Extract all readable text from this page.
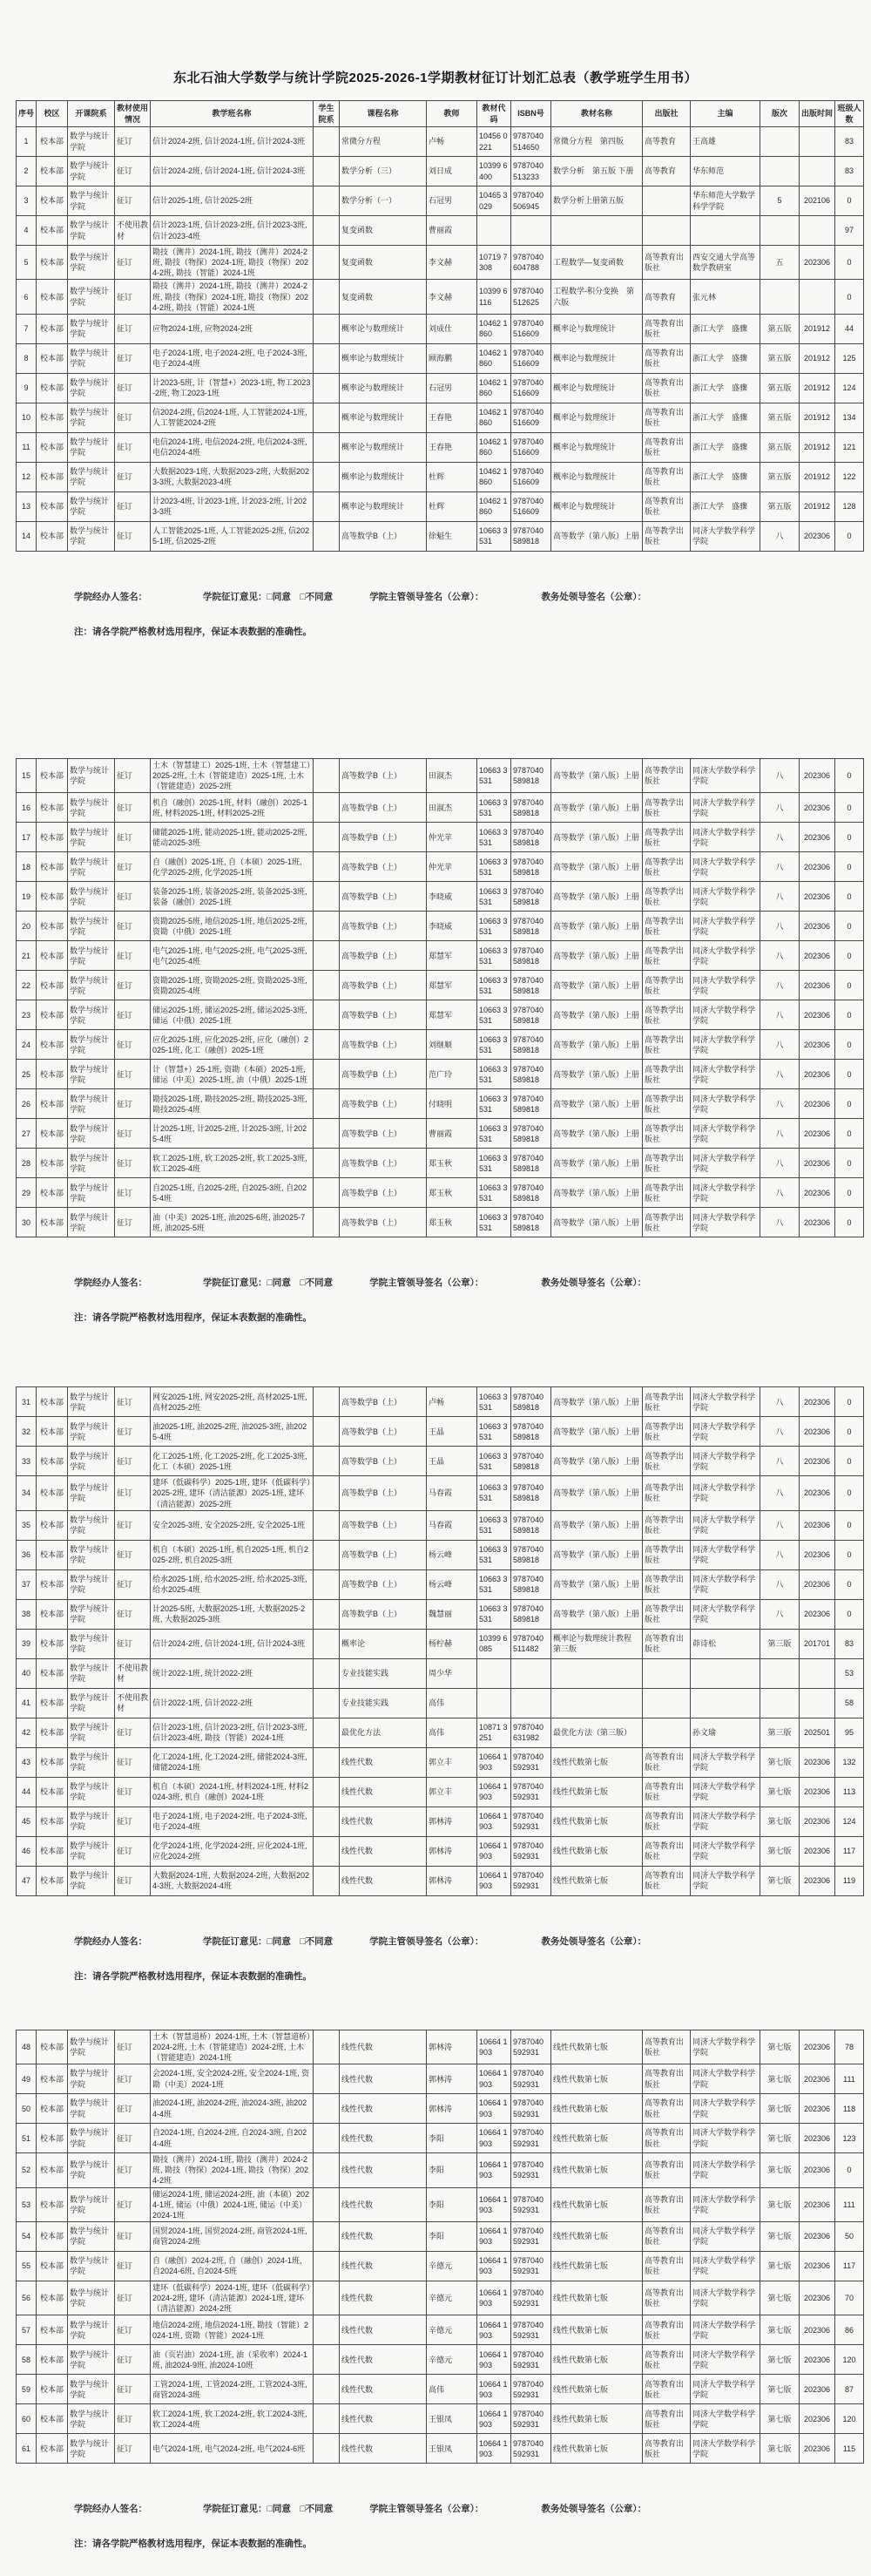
东北石油大学数学与统计学院2025-2026-1学期教材征订计划汇总表（教学班学生用书）
序号	校区	开课院系	教材使用情况	教学班名称	学生院系	课程名称	教师	教材代码	ISBN号	教材名称	出版社	主编	版次	出版时间	班级人数
1	校本部	数学与统计学院	征订	信计2024-2班, 信计2024-1班, 信计2024-3班		常微分方程	卢畅	10456 0221	9787040 514650	常微分方程　第四版	高等教育	王高雄			83
2	校本部	数学与统计学院	征订	信计2024-2班, 信计2024-1班, 信计2024-3班		数学分析（三）	刘日成	10399 6400	9787040 513233	数学分析　第五版 下册	高等教育	华东师范			83
3	校本部	数学与统计学院	征订	信计2025-1班, 信计2025-2班		数学分析（一）	石冠男	10465 3029	9787040 506945	数学分析上册第五版		华东师范大学数学科学学院	5	202106	0
4	校本部	数学与统计学院	不使用教材	信计2023-1班, 信计2023-2班, 信计2023-3班, 信计2023-4班		复变函数	曹丽霞								97
5	校本部	数学与统计学院	征订	勘技（测井）2024-1班, 勘技（测井）2024-2班, 勘技（物探）2024-1班, 勘技（物探）2024-2班, 勘技（智能）2024-1班		复变函数	李文赫	10719 7308	9787040 604788	工程数学—复变函数	高等教育出版社	西安交通大学高等数学教研室	五	202306	0
6	校本部	数学与统计学院	征订	勘技（测井）2024-1班, 勘技（测井）2024-2班, 勘技（物探）2024-1班, 勘技（物探）2024-2班, 勘技（智能）2024-1班		复变函数	李文赫	10399 6116	9787040 512625	工程数学-积分变换　第六版	高等教育	张元林			0
7	校本部	数学与统计学院	征订	应物2024-1班, 应物2024-2班		概率论与数理统计	刘成仕	10462 1860	9787040 516609	概率论与数理统计	高等教育出版社	浙江大学　盛骤	第五版	201912	44
8	校本部	数学与统计学院	征订	电子2024-1班, 电子2024-2班, 电子2024-3班, 电子2024-4班		概率论与数理统计	顾海鹏	10462 1860	9787040 516609	概率论与数理统计	高等教育出版社	浙江大学　盛骤	第五版	201912	125
9	校本部	数学与统计学院	征订	计2023-5班, 计（智慧+）2023-1班, 物工2023-2班, 物工2023-1班		概率论与数理统计	石冠男	10462 1860	9787040 516609	概率论与数理统计	高等教育出版社	浙江大学　盛骤	第五版	201912	124
10	校本部	数学与统计学院	征订	信2024-2班, 信2024-1班, 人工智能2024-1班, 人工智能2024-2班		概率论与数理统计	王春艳	10462 1860	9787040 516609	概率论与数理统计	高等教育出版社	浙江大学　盛骤	第五版	201912	134
11	校本部	数学与统计学院	征订	电信2024-1班, 电信2024-2班, 电信2024-3班, 电信2024-4班		概率论与数理统计	王春艳	10462 1860	9787040 516609	概率论与数理统计	高等教育出版社	浙江大学　盛骤	第五版	201912	121
12	校本部	数学与统计学院	征订	大数据2023-1班, 大数据2023-2班, 大数据2023-3班, 大数据2023-4班		概率论与数理统计	杜辉	10462 1860	9787040 516609	概率论与数理统计	高等教育出版社	浙江大学　盛骤	第五版	201912	122
13	校本部	数学与统计学院	征订	计2023-4班, 计2023-1班, 计2023-2班, 计2023-3班		概率论与数理统计	杜辉	10462 1860	9787040 516609	概率论与数理统计	高等教育出版社	浙江大学　盛骤	第五版	201912	128
14	校本部	数学与统计学院	征订	人工智能2025-1班, 人工智能2025-2班, 信2025-1班, 信2025-2班		高等数学B（上）	徐魁生	10663 3531	9787040 589818	高等数学（第八版）上册	高等教学出版社	同济大学数学科学学院	八	202306	0
学院经办人签名：	学院征订意见：□同意　□不同意	学院主管领导签名（公章）：	教务处领导签名（公章）：
注：请各学院严格教材选用程序，保证本表数据的准确性。
15	校本部	数学与统计学院	征订	土木（智慧建工）2025-1班, 土木（智慧建工）2025-2班, 土木（智能建造）2025-1班, 土木（智能建造）2025-2班		高等数学B（上）	田淑杰	10663 3531	9787040 589818	高等数学（第八版）上册	高等教学出版社	同济大学数学科学学院	八	202306	0
16	校本部	数学与统计学院	征订	机自（融创）2025-1班, 材料（融创）2025-1班, 材料2025-1班, 材料2025-2班		高等数学B（上）	田淑杰	10663 3531	9787040 589818	高等数学（第八版）上册	高等教学出版社	同济大学数学科学学院	八	202306	0
17	校本部	数学与统计学院	征订	储能2025-1班, 能动2025-1班, 能动2025-2班, 能动2025-3班		高等数学B（上）	仲光苹	10663 3531	9787040 589818	高等数学（第八版）上册	高等教学出版社	同济大学数学科学学院	八	202306	0
18	校本部	数学与统计学院	征订	自（融创）2025-1班, 自（本硕）2025-1班, 化学2025-2班, 化学2025-1班		高等数学B（上）	仲光苹	10663 3531	9787040 589818	高等数学（第八版）上册	高等教学出版社	同济大学数学科学学院	八	202306	0
19	校本部	数学与统计学院	征订	装备2025-1班, 装备2025-2班, 装备2025-3班, 装备（融创）2025-1班		高等数学B（上）	李晓威	10663 3531	9787040 589818	高等数学（第八版）上册	高等教学出版社	同济大学数学科学学院	八	202306	0
20	校本部	数学与统计学院	征订	资勘2025-5班, 地信2025-1班, 地信2025-2班, 资勘（中俄）2025-1班		高等数学B（上）	李晓威	10663 3531	9787040 589818	高等数学（第八版）上册	高等教学出版社	同济大学数学科学学院	八	202306	0
21	校本部	数学与统计学院	征订	电气2025-1班, 电气2025-2班, 电气2025-3班, 电气2025-4班		高等数学B（上）	郑慧军	10663 3531	9787040 589818	高等数学（第八版）上册	高等教学出版社	同济大学数学科学学院	八	202306	0
22	校本部	数学与统计学院	征订	资勘2025-1班, 资勘2025-2班, 资勘2025-3班, 资勘2025-4班		高等数学B（上）	郑慧军	10663 3531	9787040 589818	高等数学（第八版）上册	高等教学出版社	同济大学数学科学学院	八	202306	0
23	校本部	数学与统计学院	征订	储运2025-1班, 储运2025-2班, 储运2025-3班, 储运（中俄）2025-1班		高等数学B（上）	郑慧军	10663 3531	9787040 589818	高等数学（第八版）上册	高等教学出版社	同济大学数学科学学院	八	202306	0
24	校本部	数学与统计学院	征订	应化2025-1班, 应化2025-2班, 应化（融创）2025-1班, 化工（融创）2025-1班		高等数学B（上）	刘继顺	10663 3531	9787040 589818	高等数学（第八版）上册	高等教学出版社	同济大学数学科学学院	八	202306	0
25	校本部	数学与统计学院	征订	计（智慧+）25-1班, 资勘（本硕）2025-1班, 储运（中美）2025-1班, 油（中俄）2025-1班		高等数学B（上）	范广玲	10663 3531	9787040 589818	高等数学（第八版）上册	高等教学出版社	同济大学数学科学学院	八	202306	0
26	校本部	数学与统计学院	征订	勘技2025-1班, 勘技2025-2班, 勘技2025-3班, 勘技2025-4班		高等数学B（上）	付晓明	10663 3531	9787040 589818	高等数学（第八版）上册	高等教学出版社	同济大学数学科学学院	八	202306	0
27	校本部	数学与统计学院	征订	计2025-1班, 计2025-2班, 计2025-3班, 计2025-4班		高等数学B（上）	曹丽霞	10663 3531	9787040 589818	高等数学（第八版）上册	高等教学出版社	同济大学数学科学学院	八	202306	0
28	校本部	数学与统计学院	征订	软工2025-1班, 软工2025-2班, 软工2025-3班, 软工2025-4班		高等数学B（上）	郑玉秋	10663 3531	9787040 589818	高等数学（第八版）上册	高等教学出版社	同济大学数学科学学院	八	202306	0
29	校本部	数学与统计学院	征订	自2025-1班, 自2025-2班, 自2025-3班, 自2025-4班		高等数学B（上）	郑玉秋	10663 3531	9787040 589818	高等数学（第八版）上册	高等教学出版社	同济大学数学科学学院	八	202306	0
30	校本部	数学与统计学院	征订	油（中美）2025-1班, 油2025-6班, 油2025-7班, 油2025-5班		高等数学B（上）	郑玉秋	10663 3531	9787040 589818	高等数学（第八版）上册	高等教学出版社	同济大学数学科学学院	八	202306	0
学院经办人签名：	学院征订意见：□同意　□不同意	学院主管领导签名（公章）：	教务处领导签名（公章）：
注：请各学院严格教材选用程序，保证本表数据的准确性。
31	校本部	数学与统计学院	征订	网安2025-1班, 网安2025-2班, 高材2025-1班, 高材2025-2班		高等数学B（上）	卢畅	10663 3531	9787040 589818	高等数学（第八版）上册	高等教学出版社	同济大学数学科学学院	八	202306	0
32	校本部	数学与统计学院	征订	油2025-1班, 油2025-2班, 油2025-3班, 油2025-4班		高等数学B（上）	王晶	10663 3531	9787040 589818	高等数学（第八版）上册	高等教学出版社	同济大学数学科学学院	八	202306	0
33	校本部	数学与统计学院	征订	化工2025-1班, 化工2025-2班, 化工2025-3班, 化工（本硕）2025-1班		高等数学B（上）	王晶	10663 3531	9787040 589818	高等数学（第八版）上册	高等教学出版社	同济大学数学科学学院	八	202306	0
34	校本部	数学与统计学院	征订	建环（低碳科学）2025-1班, 建环（低碳科学）2025-2班, 建环（清洁能源）2025-1班, 建环（清洁能源）2025-2班		高等数学B（上）	马春霞	10663 3531	9787040 589818	高等数学（第八版）上册	高等教学出版社	同济大学数学科学学院	八	202306	0
35	校本部	数学与统计学院	征订	安全2025-3班, 安全2025-2班, 安全2025-1班		高等数学B（上）	马春霞	10663 3531	9787040 589818	高等数学（第八版）上册	高等教学出版社	同济大学数学科学学院	八	202306	0
36	校本部	数学与统计学院	征订	机自（本硕）2025-1班, 机自2025-1班, 机自2025-2班, 机自2025-3班		高等数学B（上）	杨云峰	10663 3531	9787040 589818	高等数学（第八版）上册	高等教学出版社	同济大学数学科学学院	八	202306	0
37	校本部	数学与统计学院	征订	给水2025-1班, 给水2025-2班, 给水2025-3班, 给水2025-4班		高等数学B（上）	杨云峰	10663 3531	9787040 589818	高等数学（第八版）上册	高等教学出版社	同济大学数学科学学院	八	202306	0
38	校本部	数学与统计学院	征订	计2025-5班, 大数据2025-1班, 大数据2025-2班, 大数据2025-3班		高等数学B（上）	魏慧丽	10663 3531	9787040 589818	高等数学（第八版）上册	高等教学出版社	同济大学数学科学学院	八	202306	0
39	校本部	数学与统计学院	征订	信计2024-2班, 信计2024-1班, 信计2024-3班		概率论	杨柠赫	10399 6085	9787040 511482	概率论与数理统计教程　第三版	高等教育出版社	茆诗松	第三版	201701	83
40	校本部	数学与统计学院	不使用教材	统计2022-1班, 统计2022-2班		专业技能实践	周少华								53
41	校本部	数学与统计学院	不使用教材	信计2022-1班, 信计2022-2班		专业技能实践	高伟								58
42	校本部	数学与统计学院	征订	信计2023-1班, 信计2023-2班, 信计2023-3班, 信计2023-4班, 勘技（智能）2024-1班		最优化方法	高伟	10871 3251	9787040 631982	最优化方法（第三版）		孙文瑜	第三版	202501	95
43	校本部	数学与统计学院	征订	化工2024-1班, 化工2024-2班, 储能2024-3班, 储能2024-1班		线性代数	郭立丰	10664 1903	9787040 592931	线性代数第七版	高等教育出版社	同济大学数学科学学院	第七版	202306	132
44	校本部	数学与统计学院	征订	机自（本硕）2024-1班, 材料2024-1班, 材料2024-3班, 机自（融创）2024-1班		线性代数	郭立丰	10664 1903	9787040 592931	线性代数第七版	高等教育出版社	同济大学数学科学学院	第七版	202306	113
45	校本部	数学与统计学院	征订	电子2024-1班, 电子2024-2班, 电子2024-3班, 电子2024-4班		线性代数	郭林涛	10664 1903	9787040 592931	线性代数第七版	高等教育出版社	同济大学数学科学学院	第七版	202306	124
46	校本部	数学与统计学院	征订	化学2024-1班, 化学2024-2班, 应化2024-1班, 应化2024-2班		线性代数	郭林涛	10664 1903	9787040 592931	线性代数第七版	高等教育出版社	同济大学数学科学学院	第七版	202306	117
47	校本部	数学与统计学院	征订	大数据2024-1班, 大数据2024-2班, 大数据2024-3班, 大数据2024-4班		线性代数	郭林涛	10664 1903	9787040 592931	线性代数第七版	高等教育出版社	同济大学数学科学学院	第七版	202306	119
学院经办人签名：	学院征订意见：□同意　□不同意	学院主管领导签名（公章）：	教务处领导签名（公章）：
注：请各学院严格教材选用程序，保证本表数据的准确性。
48	校本部	数学与统计学院	征订	土木（智慧道桥）2024-1班, 土木（智慧道桥）2024-2班, 土木（智能建造）2024-2班, 土木（智能建造）2024-1班		线性代数	郭林涛	10664 1903	9787040 592931	线性代数第七版	高等教育出版社	同济大学数学科学学院	第七版	202306	78
49	校本部	数学与统计学院	征订	会2024-1班, 安全2024-2班, 安全2024-1班, 资勘（中美）2024-1班		线性代数	郭林涛	10664 1903	9787040 592931	线性代数第七版	高等教育出版社	同济大学数学科学学院	第七版	202306	111
50	校本部	数学与统计学院	征订	油2024-1班, 油2024-2班, 油2024-3班, 油2024-4班		线性代数	郭林涛	10664 1903	9787040 592931	线性代数第七版	高等教育出版社	同济大学数学科学学院	第七版	202306	118
51	校本部	数学与统计学院	征订	自2024-1班, 自2024-2班, 自2024-3班, 自2024-4班		线性代数	李阳	10664 1903	9787040 592931	线性代数第七版	高等教育出版社	同济大学数学科学学院	第七版	202306	123
52	校本部	数学与统计学院	征订	勘技（测井）2024-1班, 勘技（测井）2024-2班, 勘技（物探）2024-1班, 勘技（物探）2024-2班		线性代数	李阳	10664 1903	9787040 592931	线性代数第七版	高等教育出版社	同济大学数学科学学院	第七版	202306	0
53	校本部	数学与统计学院	征订	储运2024-1班, 储运2024-2班, 油（本硕）2024-1班, 储运（中俄）2024-1班, 储运（中美）2024-1班		线性代数	李阳	10664 1903	9787040 592931	线性代数第七版	高等教育出版社	同济大学数学科学学院	第七版	202306	111
54	校本部	数学与统计学院	征订	国贸2024-1班, 国贸2024-2班, 商管2024-1班, 商管2024-2班		线性代数	李阳	10664 1903	9787040 592931	线性代数第七版	高等教育出版社	同济大学数学科学学院	第七版	202306	50
55	校本部	数学与统计学院	征订	自（融创）2024-2班, 自（融创）2024-1班, 自2024-6班, 自2024-5班		线性代数	辛德元	10664 1903	9787040 592931	线性代数第七版	高等教育出版社	同济大学数学科学学院	第七版	202306	117
56	校本部	数学与统计学院	征订	建环（低碳科学）2024-1班, 建环（低碳科学）2024-2班, 建环（清洁能源）2024-1班, 建环（清洁能源）2024-2班		线性代数	辛德元	10664 1903	9787040 592931	线性代数第七版	高等教育出版社	同济大学数学科学学院	第七版	202306	70
57	校本部	数学与统计学院	征订	地信2024-2班, 地信2024-1班, 勘技（智能）2024-1班, 资勘（智能）2024-1班		线性代数	辛德元	10664 1903	9787040 592931	线性代数第七版	高等教育出版社	同济大学数学科学学院	第七版	202306	86
58	校本部	数学与统计学院	征订	油（页岩油）2024-1班, 油（采收率）2024-1班, 油2024-9班, 油2024-10班		线性代数	辛德元	10664 1903	9787040 592931	线性代数第七版	高等教育出版社	同济大学数学科学学院	第七版	202306	120
59	校本部	数学与统计学院	征订	工管2024-1班, 工管2024-2班, 工管2024-3班, 商管2024-3班		线性代数	高伟	10664 1903	9787040 592931	线性代数第七版	高等教育出版社	同济大学数学科学学院	第七版	202306	87
60	校本部	数学与统计学院	征订	软工2024-1班, 软工2024-2班, 软工2024-3班, 软工2024-4班		线性代数	王银凤	10664 1903	9787040 592931	线性代数第七版	高等教育出版社	同济大学数学科学学院	第七版	202306	120
61	校本部	数学与统计学院	征订	电气2024-1班, 电气2024-2班, 电气2024-6班		线性代数	王银凤	10664 1903	9787040 592931	线性代数第七版	高等教育出版社	同济大学数学科学学院	第七版	202306	115
学院经办人签名：	学院征订意见：□同意　□不同意	学院主管领导签名（公章）：	教务处领导签名（公章）：
注：请各学院严格教材选用程序，保证本表数据的准确性。
